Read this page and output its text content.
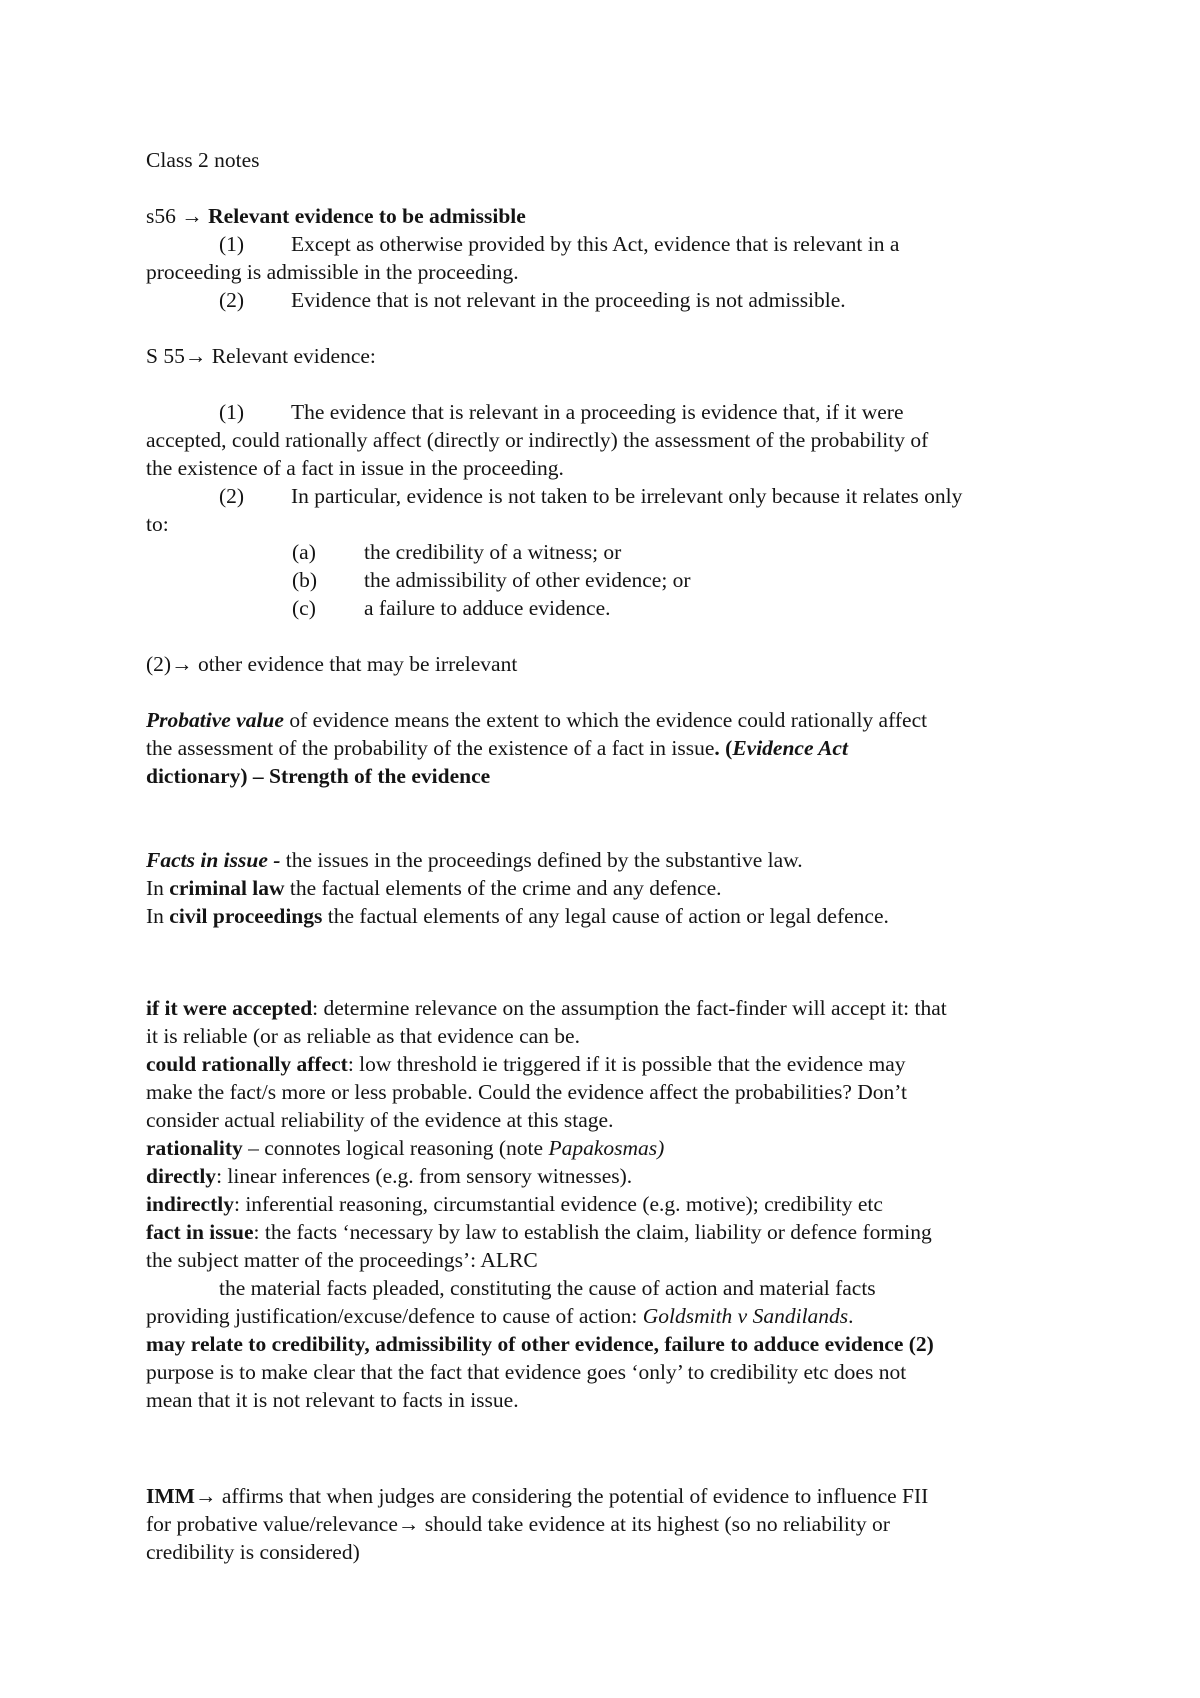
Class 2 notes

s56 → Relevant evidence to be admissible

(1)	Except as otherwise provided by this Act, evidence that is relevant in a

proceeding is admissible in the proceeding.

(2)	Evidence that is not relevant in the proceeding is not admissible.

S 55→ Relevant evidence:

(1)	The evidence that is relevant in a proceeding is evidence that, if it were

accepted, could rationally affect (directly or indirectly) the assessment of the probability of

the existence of a fact in issue in the proceeding.

(2)	In particular, evidence is not taken to be irrelevant only because it relates only

to:

(a)	the credibility of a witness; or
(b)	the admissibility of other evidence; or
(c)	a failure to adduce evidence.

(2)→ other evidence that may be irrelevant

Probative value of evidence means the extent to which the evidence could rationally affect

the assessment of the probability of the existence of a fact in issue. (Evidence Act

dictionary) – Strength of the evidence

Facts in issue - the issues in the proceedings defined by the substantive law.

In criminal law the factual elements of the crime and any defence.

In civil proceedings the factual elements of any legal cause of action or legal defence.

if it were accepted: determine relevance on the assumption the fact-finder will accept it: that

it is reliable (or as reliable as that evidence can be.

could rationally affect: low threshold ie triggered if it is possible that the evidence may

make the fact/s more or less probable. Could the evidence affect the probabilities? Don’t

consider actual reliability of the evidence at this stage.

rationality – connotes logical reasoning (note Papakosmas)

directly: linear inferences (e.g. from sensory witnesses).

indirectly: inferential reasoning, circumstantial evidence (e.g. motive); credibility etc

fact in issue: the facts ‘necessary by law to establish the claim, liability or defence forming

the subject matter of the proceedings’: ALRC

the material facts pleaded, constituting the cause of action and material facts

providing justification/excuse/defence to cause of action: Goldsmith v Sandilands.

may relate to credibility, admissibility of other evidence, failure to adduce evidence (2)

purpose is to make clear that the fact that evidence goes ‘only’ to credibility etc does not

mean that it is not relevant to facts in issue.

IMM→ affirms that when judges are considering the potential of evidence to influence FII

for probative value/relevance→ should take evidence at its highest (so no reliability or

credibility is considered)
